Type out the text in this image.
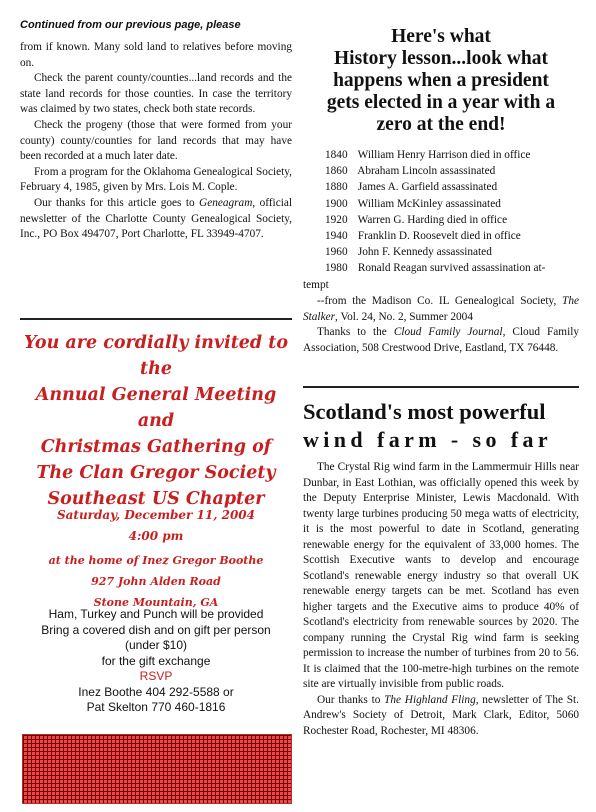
Continued from our previous page, please

from if known. Many sold land to relatives before moving on.

Check the parent county/counties...land records and the state land records for those counties. In case the territory was claimed by two states, check both state records.

Check the progeny (those that were formed from your county) county/counties for land records that may have been recorded at a much later date.

From a program for the Oklahoma Genealogical Society, February 4, 1985, given by Mrs. Lois M. Cople.

Our thanks for this article goes to Geneagram, official newsletter of the Charlotte County Genealogical Society, Inc., PO Box 494707, Port Charlotte, FL 33949-4707.

You are cordially invited to the
Annual General Meeting
and
Christmas Gathering of
The Clan Gregor Society
Southeast US Chapter
Saturday, December 11, 2004
4:00 pm
at the home of Inez Gregor Boothe
927 John Alden Road
Stone Mountain, GA
Ham, Turkey and Punch will be provided
Bring a covered dish and on gift per person
(under $10)
for the gift exchange
RSVP
Inez Boothe 404 292-5588 or
Pat Skelton 770 460-1816
Here's what
History lesson...look what
happens when a president
gets elected in a year with a
zero at the end!
1840 William Henry Harrison died in office
1860 Abraham Lincoln assassinated
1880 James A. Garfield assassinated
1900 William McKinley assassinated
1920 Warren G. Harding died in office
1940 Franklin D. Roosevelt died in office
1960 John F. Kennedy assassinated
1980 Ronald Reagan survived assassination at-
tempt

--from the Madison Co. IL Genealogical Society, The Stalker, Vol. 24, No. 2, Summer 2004

Thanks to the Cloud Family Journal, Cloud Family Association, 508 Crestwood Drive, Eastland, TX 76448.

Scotland's most powerful
wind farm - so far

The Crystal Rig wind farm in the Lammermuir Hills near Dunbar, in East Lothian, was officially opened this week by the Deputy Enterprise Minister, Lewis Macdonald. With twenty large turbines producing 50 mega watts of electricity, it is the most powerful to date in Scotland, generating renewable energy for the equivalent of 33,000 homes. The Scottish Executive wants to develop and encourage Scotland's renewable energy industry so that overall UK renewable energy targets can be met. Scotland has even higher targets and the Executive aims to produce 40% of Scotland's electricity from renewable sources by 2020. The company running the Crystal Rig wind farm is seeking permission to increase the number of turbines from 20 to 56. It is claimed that the 100-metre-high turbines on the remote site are virtually invisible from public roads.

Our thanks to The Highland Fling, newsletter of The St. Andrew's Society of Detroit, Mark Clark, Editor, 5060 Rochester Road, Rochester, MI 48306.
